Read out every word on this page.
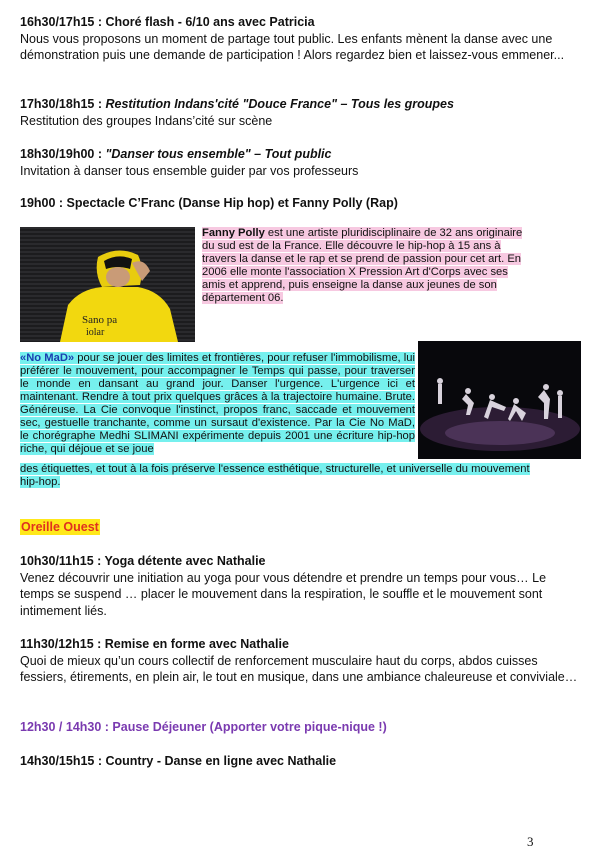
16h30/17h15 : Choré flash - 6/10 ans avec Patricia
Nous vous proposons un moment de partage tout public. Les enfants mènent la danse avec une démonstration puis une demande de participation ! Alors regardez bien et laissez-vous emmener...
17h30/18h15 : Restitution Indans'cité "Douce France" – Tous les groupes
Restitution des groupes Indans’cité sur scène
18h30/19h00 : "Danser tous ensemble" – Tout public
Invitation à danser tous ensemble guider par vos professeurs
19h00 : Spectacle C’Franc (Danse Hip hop) et Fanny Polly (Rap)
Sano pa
iolar
Fanny Polly est une artiste pluridisciplinaire de 32 ans originaire du sud est de la France. Elle découvre le hip-hop à 15 ans à travers la danse et le rap et se prend de passion pour cet art. En 2006 elle monte l'association X Pression Art d'Corps avec ses amis et apprend, puis enseigne la danse aux jeunes de son département 06.
«No MaD» pour se jouer des limites et frontières, pour refuser l'immobilisme, lui préférer le mouvement, pour accompagner le Temps qui passe, pour traverser le monde en dansant au grand jour. Danser l'urgence. L'urgence ici et maintenant. Rendre à tout prix quelques grâces à la trajectoire humaine. Brute. Généreuse. La Cie convoque l'instinct, propos franc, saccade et mouvement sec, gestuelle tranchante, comme un sursaut d'existence. Par la Cie No MaD, le chorégraphe Medhi SLIMANI expérimente depuis 2001 une écriture hip-hop riche, qui déjoue et se joue
des étiquettes, et tout à la fois préserve l'essence esthétique, structurelle, et universelle du mouvement hip-hop.
Oreille Ouest
10h30/11h15 : Yoga détente avec Nathalie
Venez découvrir une initiation au yoga pour vous détendre et prendre un temps pour vous… Le temps se suspend … placer le mouvement dans la respiration, le souffle et le mouvement sont intimement liés.
11h30/12h15 : Remise en forme avec Nathalie
Quoi de mieux qu’un cours collectif de renforcement musculaire haut du corps, abdos cuisses fessiers, étirements, en plein air, le tout en musique, dans une ambiance chaleureuse et conviviale…
12h30 / 14h30 : Pause Déjeuner (Apporter votre pique-nique !)
14h30/15h15 : Country - Danse en ligne avec Nathalie
3
